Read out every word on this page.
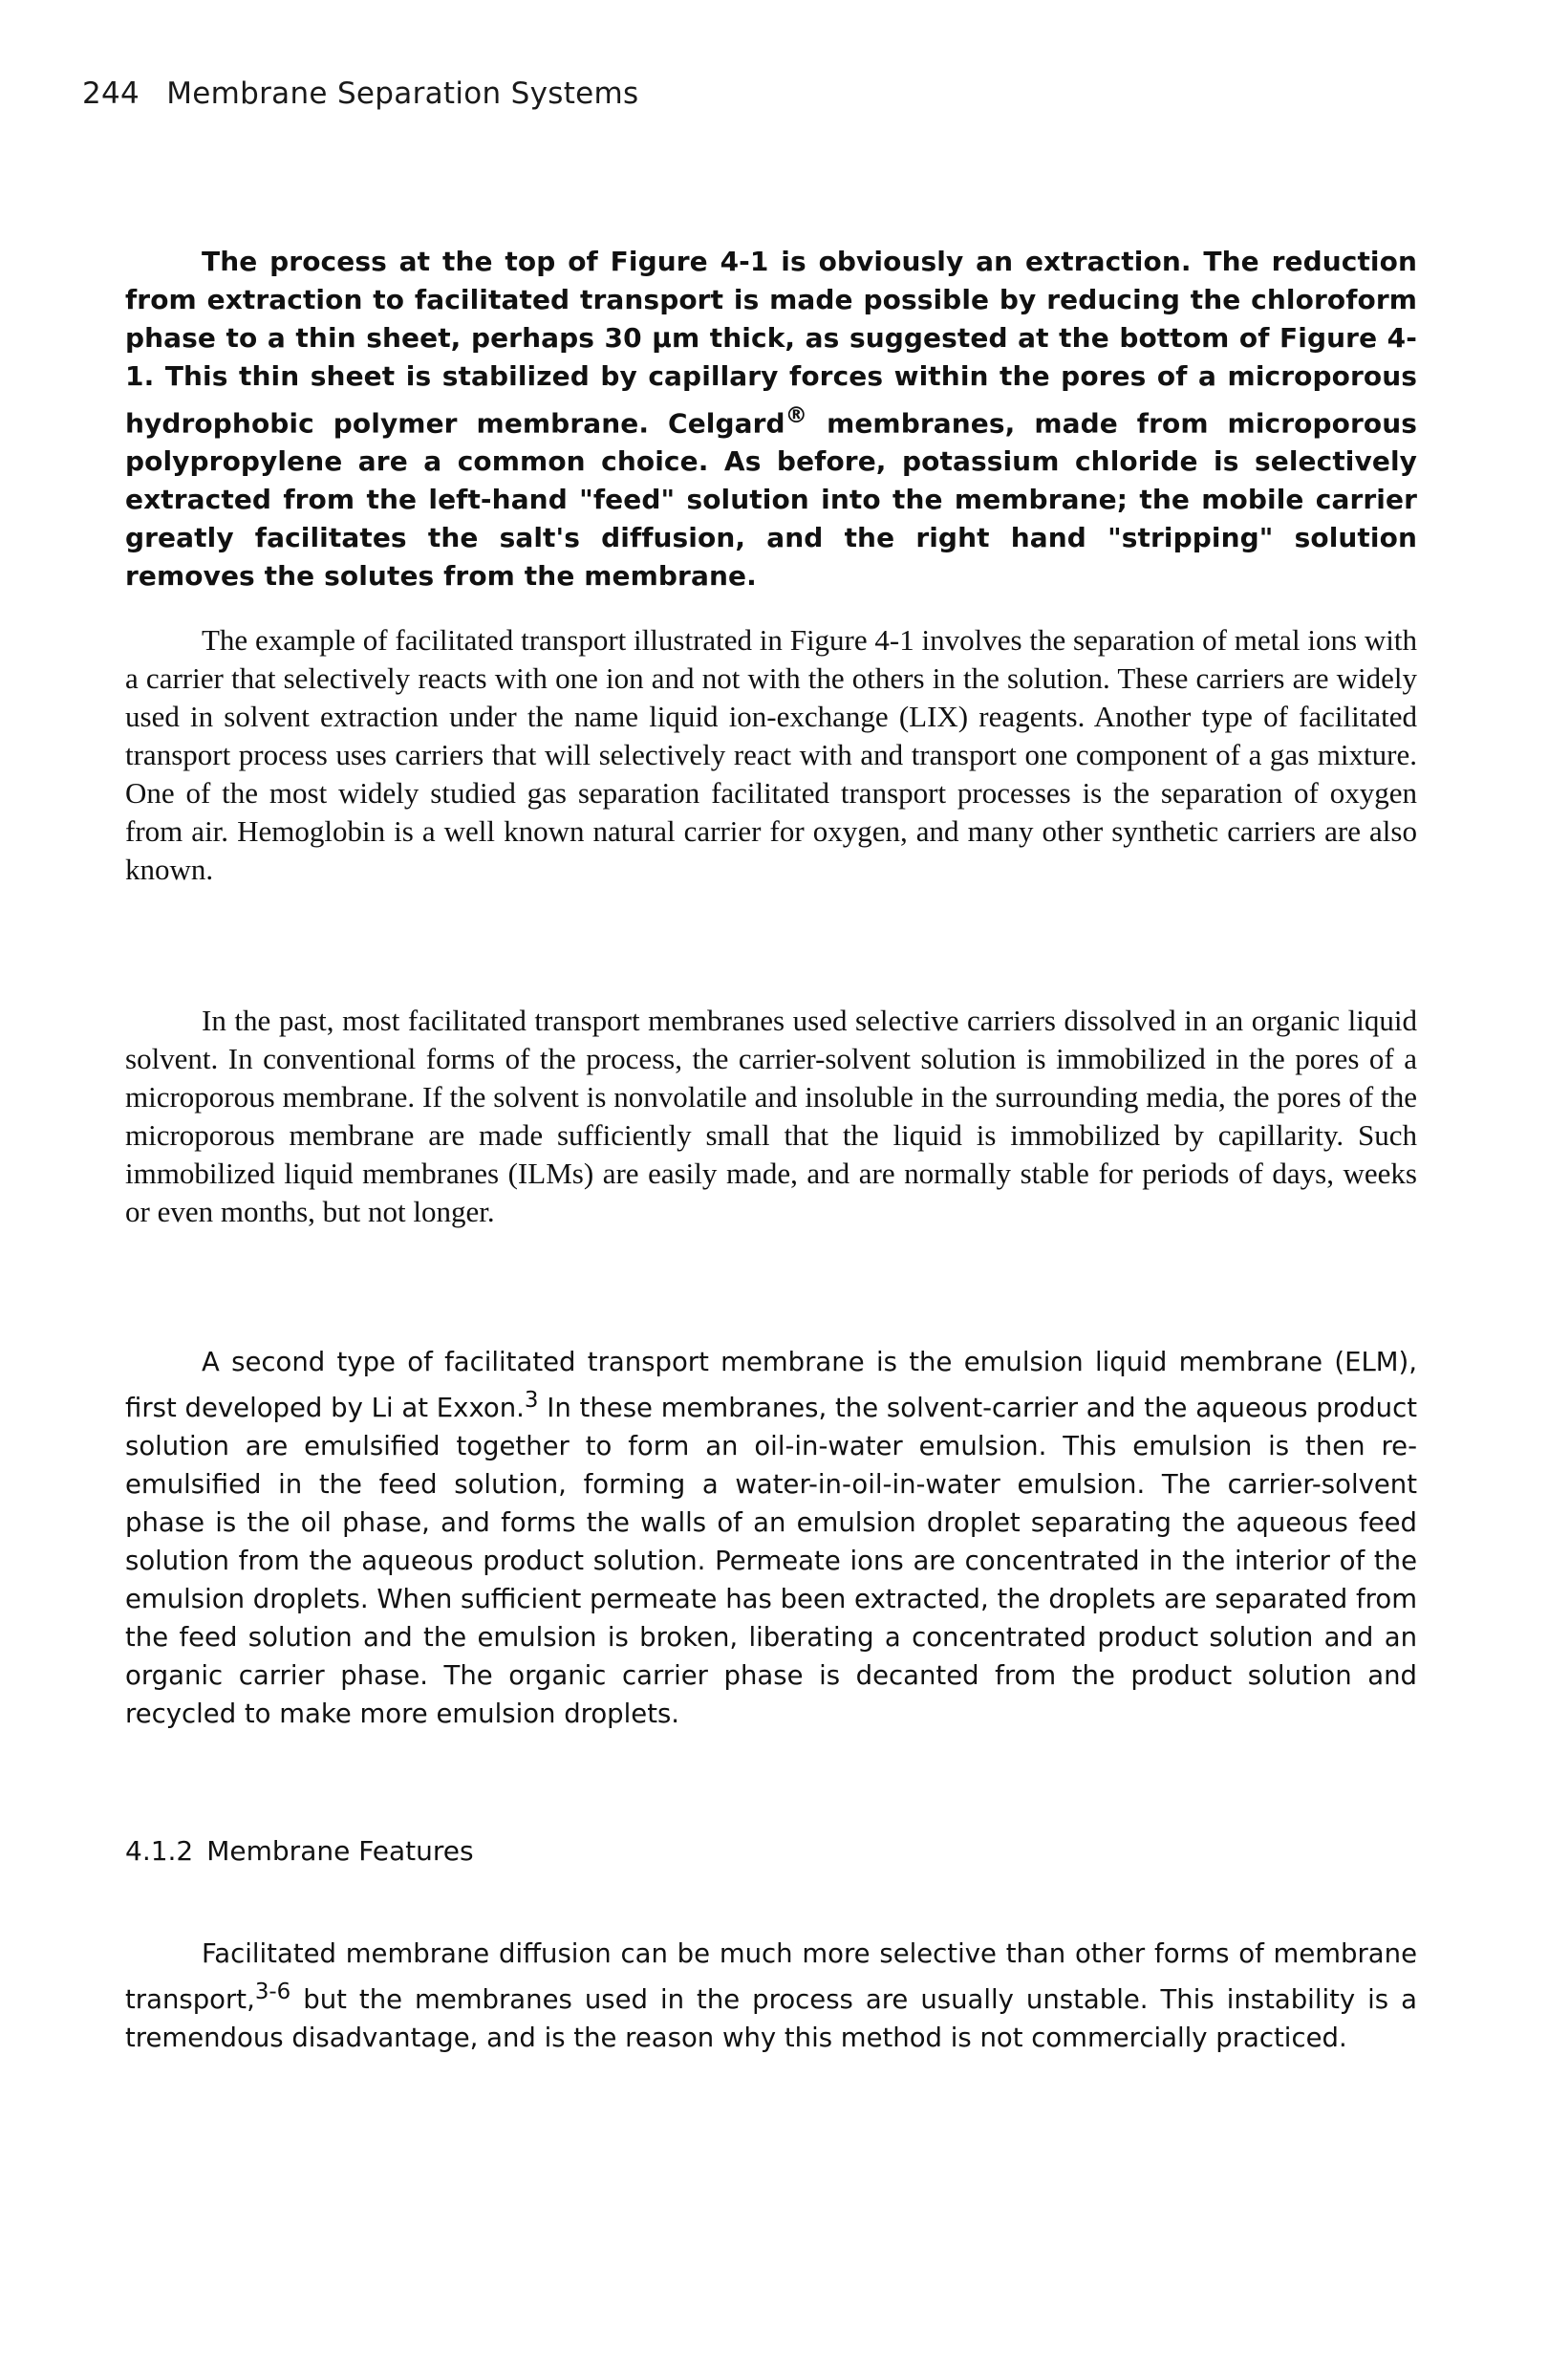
244 Membrane Separation Systems

The process at the top of Figure 4-1 is obviously an extraction. The reduction from extraction to facilitated transport is made possible by reducing the chloroform phase to a thin sheet, perhaps 30 μm thick, as suggested at the bottom of Figure 4-1. This thin sheet is stabilized by capillary forces within the pores of a microporous hydrophobic polymer membrane. Celgard® membranes, made from microporous polypropylene are a common choice. As before, potassium chloride is selectively extracted from the left-hand "feed" solution into the membrane; the mobile carrier greatly facilitates the salt's diffusion, and the right hand "stripping" solution removes the solutes from the membrane.

The example of facilitated transport illustrated in Figure 4-1 involves the separation of metal ions with a carrier that selectively reacts with one ion and not with the others in the solution. These carriers are widely used in solvent extraction under the name liquid ion-exchange (LIX) reagents. Another type of facilitated transport process uses carriers that will selectively react with and transport one component of a gas mixture. One of the most widely studied gas separation facilitated transport processes is the separation of oxygen from air. Hemoglobin is a well known natural carrier for oxygen, and many other synthetic carriers are also known.

In the past, most facilitated transport membranes used selective carriers dissolved in an organic liquid solvent. In conventional forms of the process, the carrier-solvent solution is immobilized in the pores of a microporous membrane. If the solvent is nonvolatile and insoluble in the surrounding media, the pores of the microporous membrane are made sufficiently small that the liquid is immobilized by capillarity. Such immobilized liquid membranes (ILMs) are easily made, and are normally stable for periods of days, weeks or even months, but not longer.

A second type of facilitated transport membrane is the emulsion liquid membrane (ELM), first developed by Li at Exxon.$^3$ In these membranes, the solvent-carrier and the aqueous product solution are emulsified together to form an oil-in-water emulsion. This emulsion is then re-emulsified in the feed solution, forming a water-in-oil-in-water emulsion. The carrier-solvent phase is the oil phase, and forms the walls of an emulsion droplet separating the aqueous feed solution from the aqueous product solution. Permeate ions are concentrated in the interior of the emulsion droplets. When sufficient permeate has been extracted, the droplets are separated from the feed solution and the emulsion is broken, liberating a concentrated product solution and an organic carrier phase. The organic carrier phase is decanted from the product solution and recycled to make more emulsion droplets.

4.1.2 Membrane Features

Facilitated membrane diffusion can be much more selective than other forms of membrane transport,$^{3-6}$ but the membranes used in the process are usually unstable. This instability is a tremendous disadvantage, and is the reason why this method is not commercially practiced.
